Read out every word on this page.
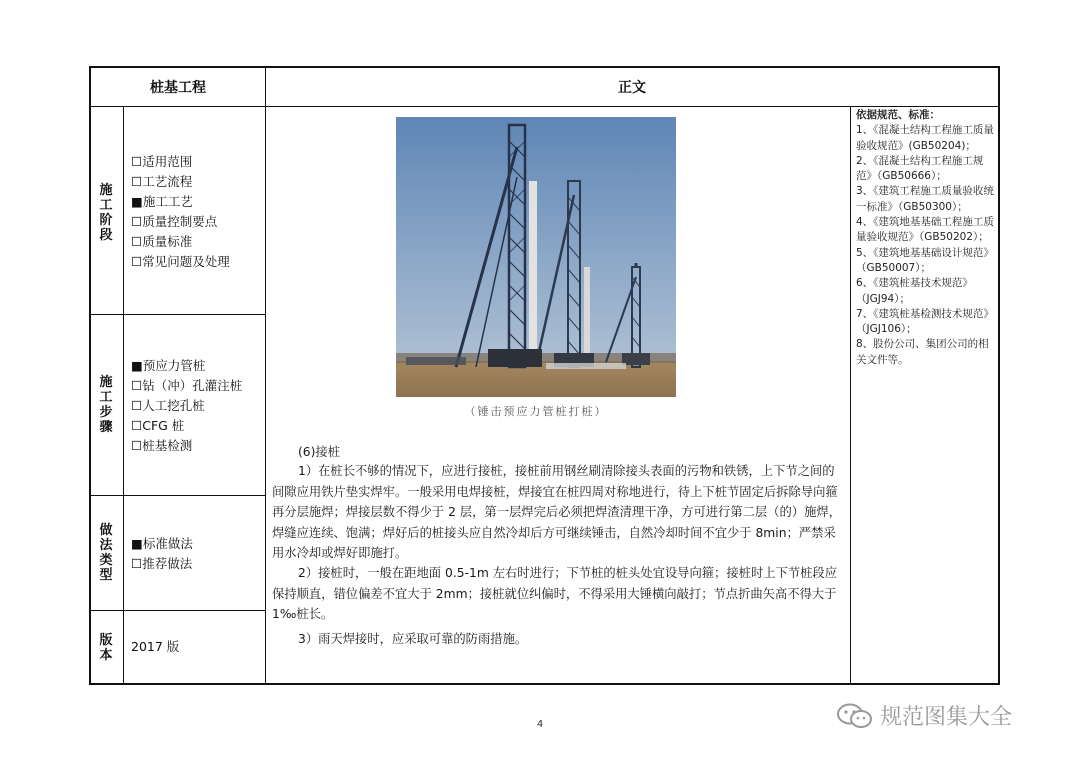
桩基工程	正文
施工阶段
☐适用范围
☐工艺流程
■施工工艺
☐质量控制要点
☐质量标准
☐常见问题及处理
施工步骤
■预应力管桩
☐钻（冲）孔灌注桩
☐人工挖孔桩
☐CFG 桩
☐桩基检测
做法类型
■标准做法
☐推荐做法
版本
2017 版
（锤击预应力管桩打桩）
(6)接桩
1）在桩长不够的情况下，应进行接桩，接桩前用钢丝刷清除接头表面的污物和铁锈，上下节之间的间隙应用铁片垫实焊牢。一般采用电焊接桩，焊接宜在桩四周对称地进行，待上下桩节固定后拆除导向箍再分层施焊；焊接层数不得少于 2 层，第一层焊完后必须把焊渣清理干净，方可进行第二层（的）施焊，焊缝应连续、饱满；焊好后的桩接头应自然冷却后方可继续锤击，自然冷却时间不宜少于 8min；严禁采用水冷却或焊好即施打。
2）接桩时，一般在距地面 0.5-1m 左右时进行；下节桩的桩头处宜设导向箍；接桩时上下节桩段应保持顺直，错位偏差不宜大于 2mm；接桩就位纠偏时，不得采用大锤横向敲打；节点折曲矢高不得大于 1‰桩长。
3）雨天焊接时，应采取可靠的防雨措施。
依据规范、标准：
1、《混凝土结构工程施工质量验收规范》(GB50204)；
2、《混凝土结构工程施工规范》（GB50666）；
3、《建筑工程施工质量验收统一标准》（GB50300）；
4、《建筑地基基础工程施工质量验收规范》（GB50202）；
5、《建筑地基基础设计规范》（GB50007）；
6、《建筑桩基技术规范》（JGJ94）；
7、《建筑桩基检测技术规范》（JGJ106）；
8、股份公司、集团公司的相关文件等。
4	规范图集大全
